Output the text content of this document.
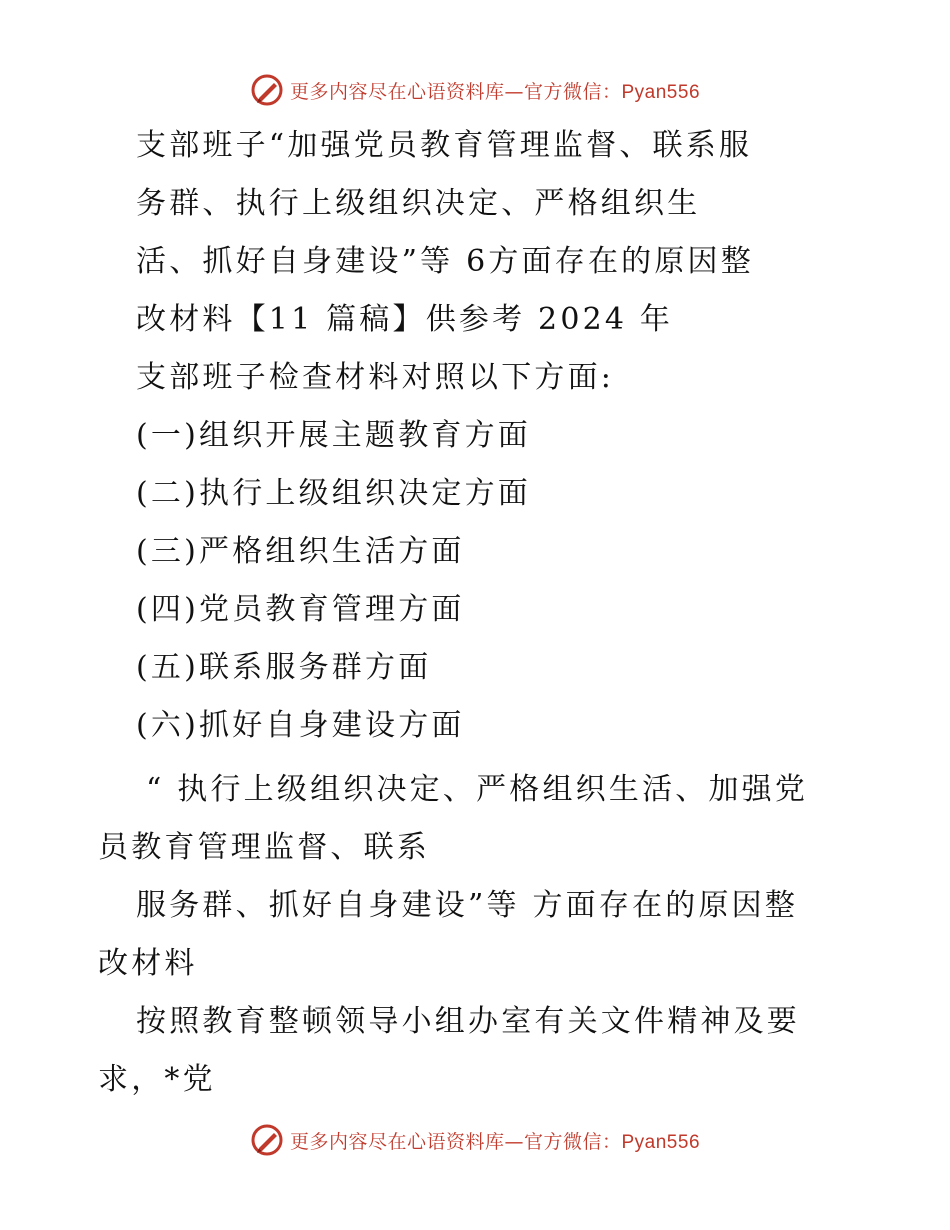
更多内容尽在心语资料库—官方微信：Pyan556
支部班子“加强党员教育管理监督、联系服
务群、执行上级组织决定、严格组织生
活、抓好自身建设”等 6方面存在的原因整
改材料【11 篇稿】供参考 2024 年
支部班子检查材料对照以下方面:
(一)组织开展主题教育方面
(二)执行上级组织决定方面
(三)严格组织生活方面
(四)党员教育管理方面
(五)联系服务群方面
(六)抓好自身建设方面
“ 执行上级组织决定、严格组织生活、加强党
员教育管理监督、联系
服务群、抓好自身建设”等 方面存在的原因整
改材料
按照教育整顿领导小组办室有关文件精神及要
求，*党
更多内容尽在心语资料库—官方微信：Pyan556
